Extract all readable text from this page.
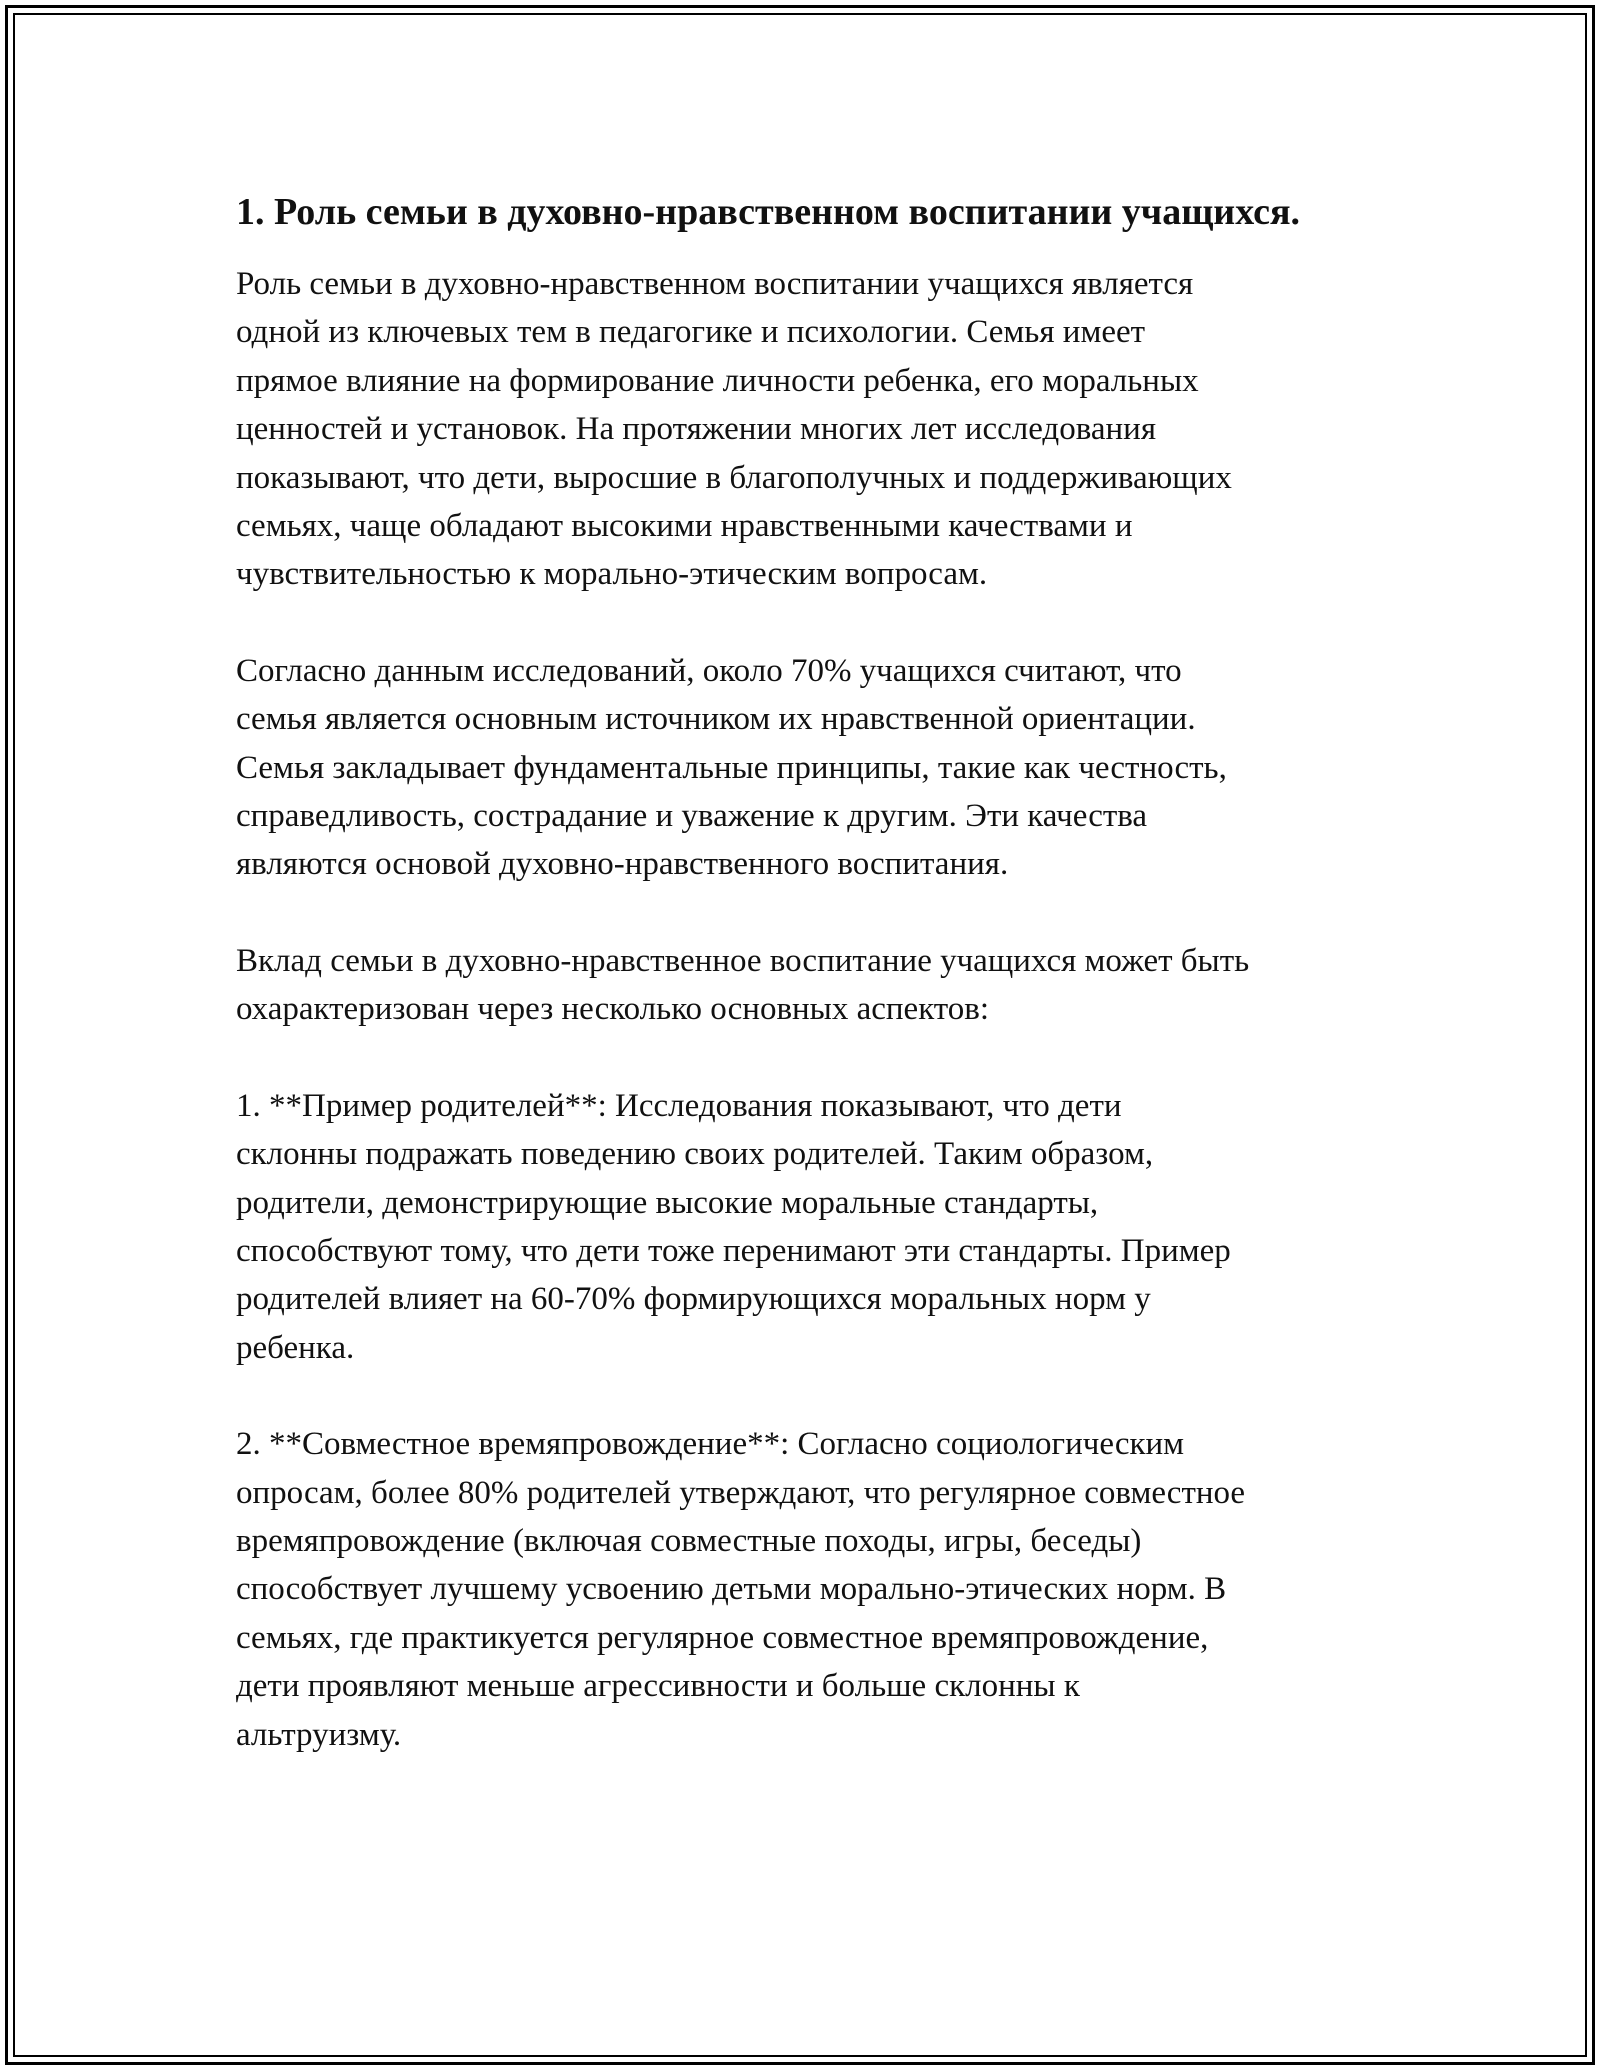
1. Роль семьи в духовно-нравственном воспитании учащихся.

Роль семьи в духовно-нравственном воспитании учащихся является
одной из ключевых тем в педагогике и психологии. Семья имеет
прямое влияние на формирование личности ребенка, его моральных
ценностей и установок. На протяжении многих лет исследования
показывают, что дети, выросшие в благополучных и поддерживающих
семьях, чаще обладают высокими нравственными качествами и
чувствительностью к морально-этическим вопросам.

Согласно данным исследований, около 70% учащихся считают, что
семья является основным источником их нравственной ориентации.
Семья закладывает фундаментальные принципы, такие как честность,
справедливость, сострадание и уважение к другим. Эти качества
являются основой духовно-нравственного воспитания.

Вклад семьи в духовно-нравственное воспитание учащихся может быть
охарактеризован через несколько основных аспектов:

1. **Пример родителей**: Исследования показывают, что дети
склонны подражать поведению своих родителей. Таким образом,
родители, демонстрирующие высокие моральные стандарты,
способствуют тому, что дети тоже перенимают эти стандарты. Пример
родителей влияет на 60-70% формирующихся моральных норм у
ребенка.

2. **Совместное времяпровождение**: Согласно социологическим
опросам, более 80% родителей утверждают, что регулярное совместное
времяпровождение (включая совместные походы, игры, беседы)
способствует лучшему усвоению детьми морально-этических норм. В
семьях, где практикуется регулярное совместное времяпровождение,
дети проявляют меньше агрессивности и больше склонны к
альтруизму.
